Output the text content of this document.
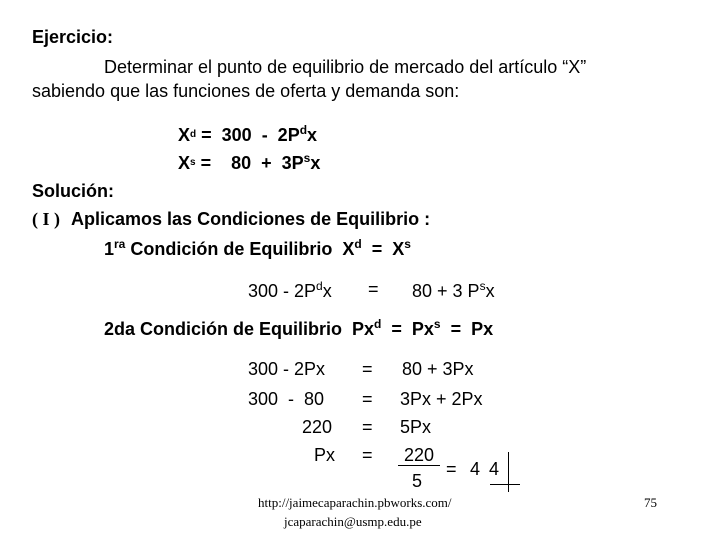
Ejercicio:
Determinar el punto de equilibrio de mercado del artículo “X”
sabiendo que las funciones de oferta y demanda son:
$X^d = 300 - 2P^dx$
$X^s$ =    $80 + 3P^sx$
Solución:
( I ) Aplicamos las Condiciones de Equilibrio :
$1^{ra}$ Condición de Equilibrio  $X^d = X^s$
$300 - 2P^dx = 80 + 3$ $P^sx$
2da Condición de Equilibrio  Px$^d$  =  Px$^s$  =  Px
300 - 2Px = 80 + 3Px
300  -  80 = 3Px + 2Px
220 = 5Px
Px = 220
5
= 4 4
http://jaimecaparachin.pbworks.com/
jcaparachin@usmp.edu.pe
75
